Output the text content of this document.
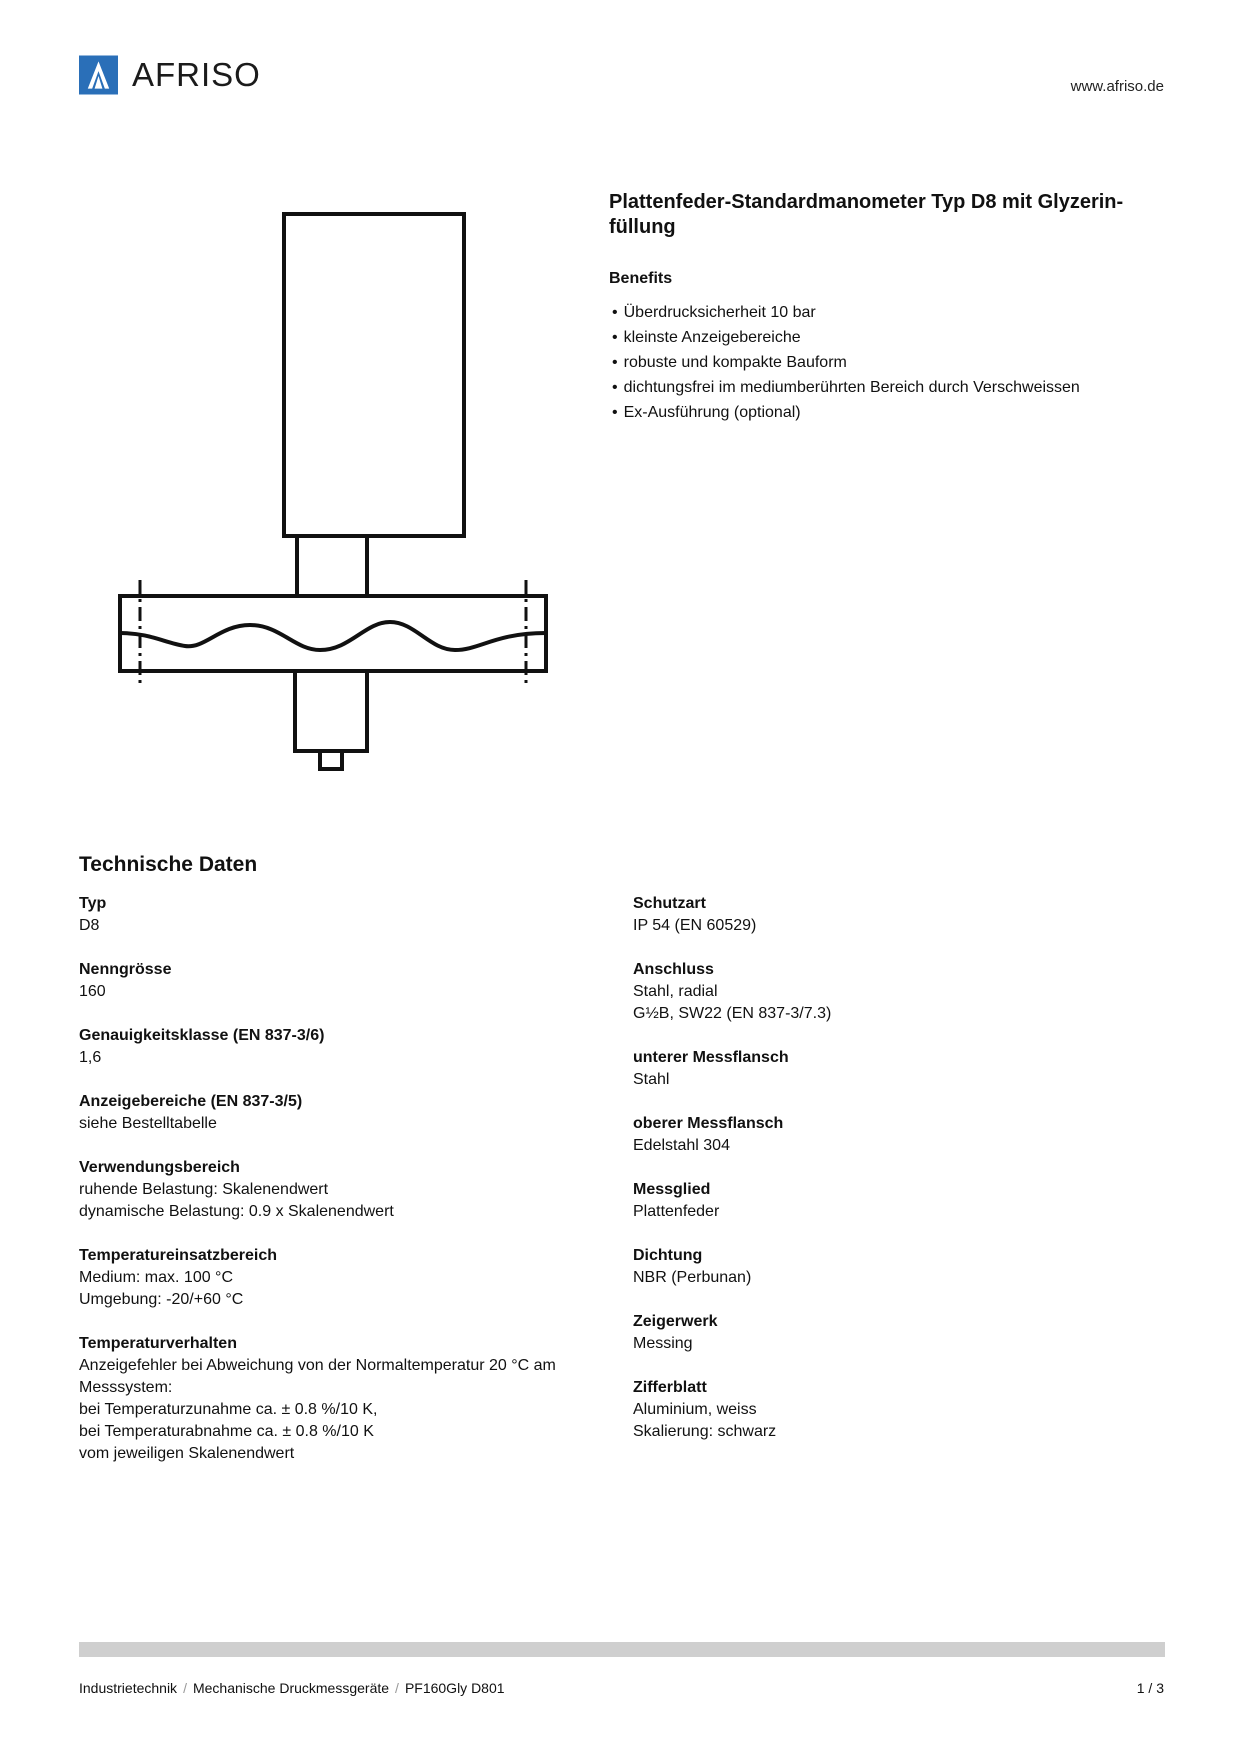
AFRISO	www.afriso.de
Plattenfeder-Standardmanometer Typ D8 mit Glyzerin-
füllung
Benefits
• Überdrucksicherheit 10 bar
• kleinste Anzeigebereiche
• robuste und kompakte Bauform
• dichtungsfrei im mediumberührten Bereich durch Verschweissen
• Ex-Ausführung (optional)
Technische Daten
Typ
D8
Nenngrösse
160
Genauigkeitsklasse (EN 837-3/6)
1,6
Anzeigebereiche (EN 837-3/5)
siehe Bestelltabelle
Verwendungsbereich
ruhende Belastung: Skalenendwert
dynamische Belastung: 0.9 x Skalenendwert
Temperatureinsatzbereich
Medium: max. 100 °C
Umgebung: -20/+60 °C
Temperaturverhalten
Anzeigefehler bei Abweichung von der Normaltemperatur 20 °C am
Messsystem:
bei Temperaturzunahme ca. ± 0.8 %/10 K,
bei Temperaturabnahme ca. ± 0.8 %/10 K
vom jeweiligen Skalenendwert
Schutzart
IP 54 (EN 60529)
Anschluss
Stahl, radial
G½B, SW22 (EN 837-3/7.3)
unterer Messflansch
Stahl
oberer Messflansch
Edelstahl 304
Messglied
Plattenfeder
Dichtung
NBR (Perbunan)
Zeigerwerk
Messing
Zifferblatt
Aluminium, weiss
Skalierung: schwarz
Industrietechnik / Mechanische Druckmessgeräte / PF160Gly D801	1 / 3
